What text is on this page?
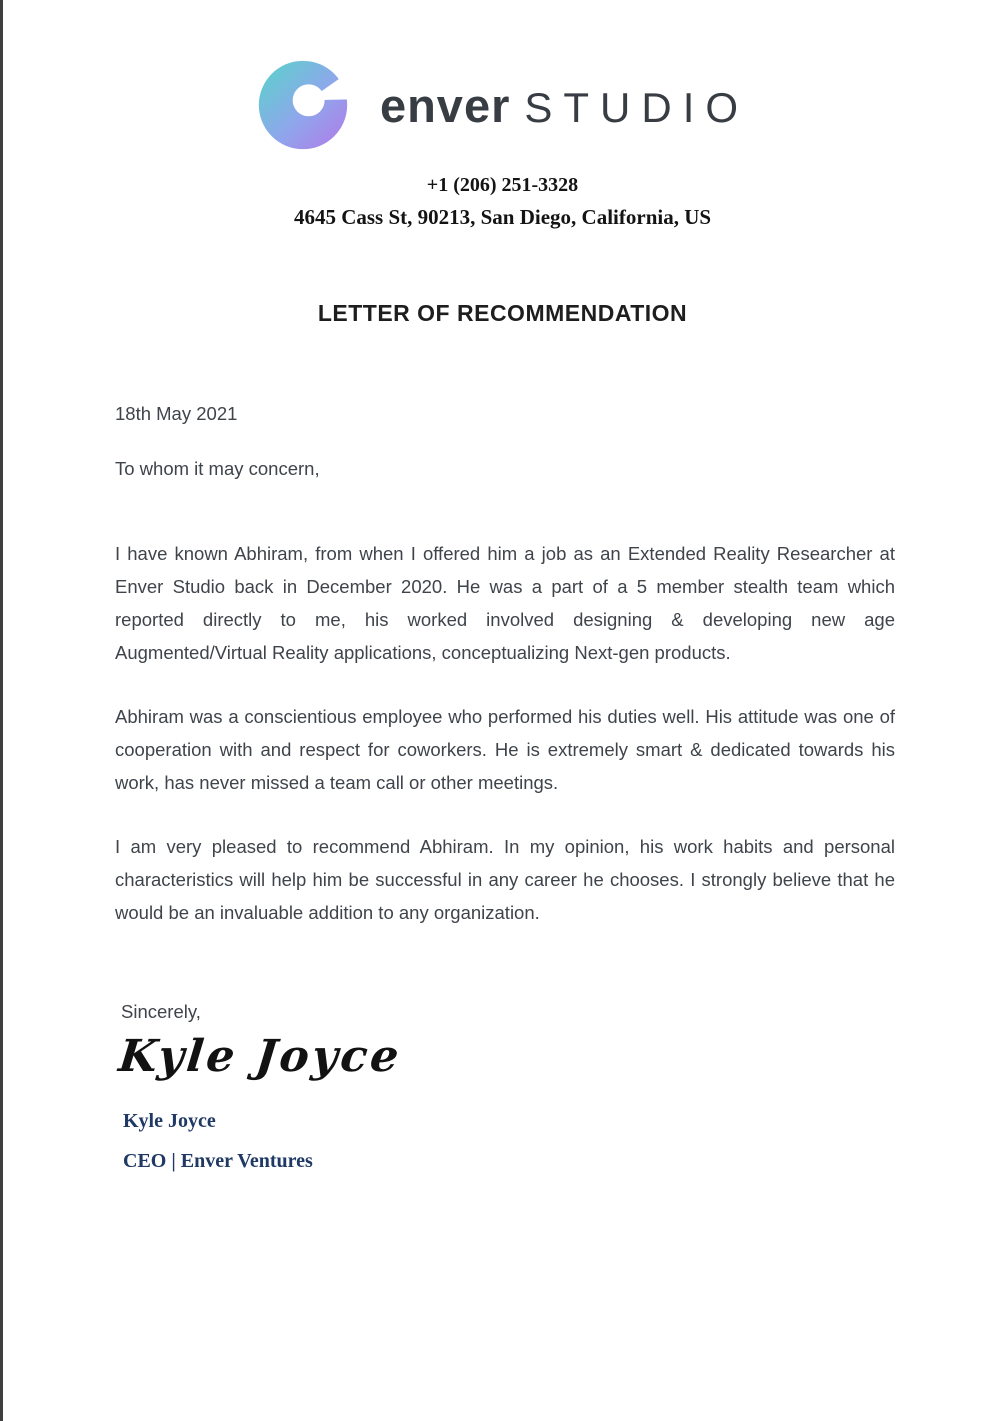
enver STUDIO
+1 (206) 251-3328
4645 Cass St, 90213, San Diego, California, US
LETTER OF RECOMMENDATION
18th May 2021
To whom it may concern,

I have known Abhiram, from when I offered him a job as an Extended Reality Researcher at Enver Studio back in December 2020. He was a part of a 5 member stealth team which reported directly to me, his worked involved designing & developing new age Augmented/Virtual Reality applications, conceptualizing Next-gen products.

Abhiram was a conscientious employee who performed his duties well. His attitude was one of cooperation with and respect for coworkers. He is extremely smart & dedicated towards his work, has never missed a team call or other meetings.

I am very pleased to recommend Abhiram. In my opinion, his work habits and personal characteristics will help him be successful in any career he chooses. I strongly believe that he would be an invaluable addition to any organization.

Sincerely,
Kyle Joyce
Kyle Joyce
CEO | Enver Ventures
